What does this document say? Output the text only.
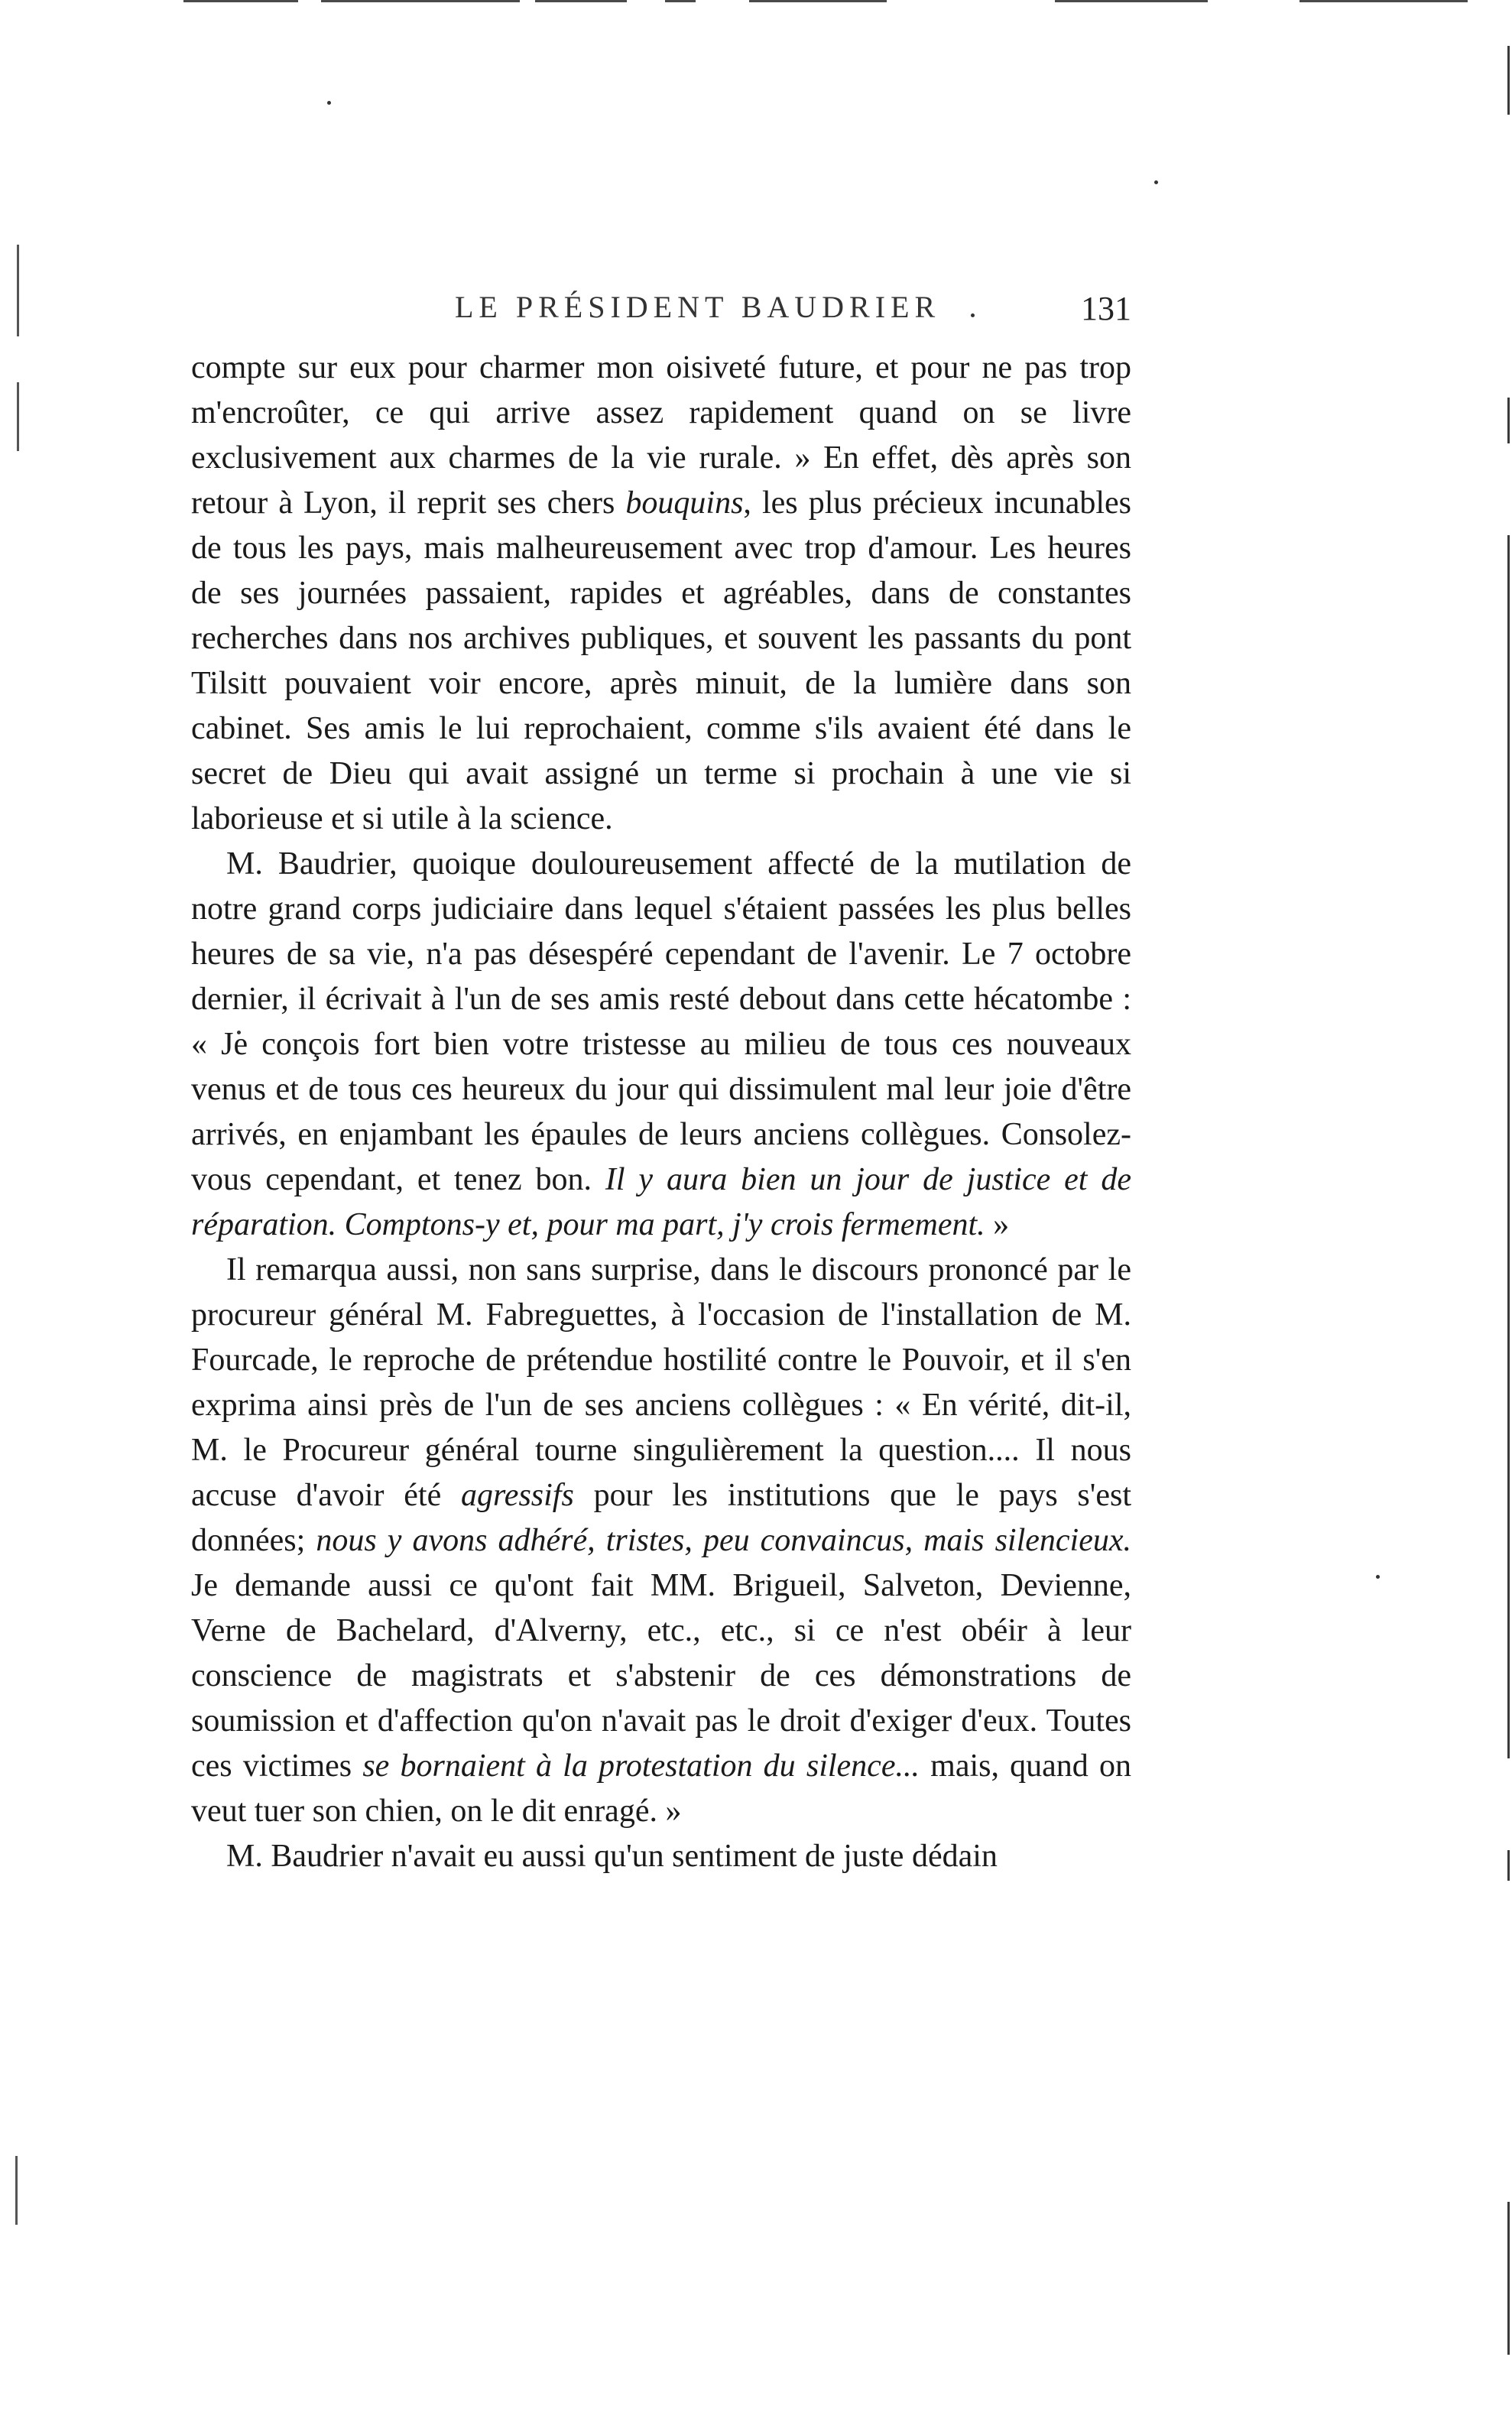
LE PRÉSIDENT BAUDRIER	131

compte sur eux pour charmer mon oisiveté future, et pour ne pas trop m'encroûter, ce qui arrive assez rapidement quand on se livre exclusivement aux charmes de la vie rurale. » En effet, dès après son retour à Lyon, il reprit ses chers bouquins, les plus précieux incunables de tous les pays, mais malheureusement avec trop d'amour. Les heures de ses journées passaient, rapides et agréables, dans de constantes recherches dans nos archives publiques, et souvent les passants du pont Tilsitt pouvaient voir encore, après minuit, de la lumière dans son cabinet. Ses amis le lui reprochaient, comme s'ils avaient été dans le secret de Dieu qui avait assigné un terme si prochain à une vie si laborieuse et si utile à la science.

M. Baudrier, quoique douloureusement affecté de la mutilation de notre grand corps judiciaire dans lequel s'étaient passées les plus belles heures de sa vie, n'a pas désespéré cependant de l'avenir. Le 7 octobre dernier, il écrivait à l'un de ses amis resté debout dans cette hécatombe : « Je conçois fort bien votre tristesse au milieu de tous ces nouveaux venus et de tous ces heureux du jour qui dissimulent mal leur joie d'être arrivés, en enjambant les épaules de leurs anciens collègues. Consolez-vous cependant, et tenez bon. Il y aura bien un jour de justice et de réparation. Comptons-y et, pour ma part, j'y crois fermement. »

Il remarqua aussi, non sans surprise, dans le discours prononcé par le procureur général M. Fabreguettes, à l'occasion de l'installation de M. Fourcade, le reproche de prétendue hostilité contre le Pouvoir, et il s'en exprima ainsi près de l'un de ses anciens collègues : « En vérité, dit-il, M. le Procureur général tourne singulièrement la question.... Il nous accuse d'avoir été agressifs pour les institutions que le pays s'est données; nous y avons adhéré, tristes, peu convaincus, mais silencieux. Je demande aussi ce qu'ont fait MM. Brigueil, Salveton, Devienne, Verne de Bachelard, d'Alverny, etc., etc., si ce n'est obéir à leur conscience de magistrats et s'abstenir de ces démonstrations de soumission et d'affection qu'on n'avait pas le droit d'exiger d'eux. Toutes ces victimes se bornaient à la protestation du silence... mais, quand on veut tuer son chien, on le dit enragé. »

M. Baudrier n'avait eu aussi qu'un sentiment de juste dédain
